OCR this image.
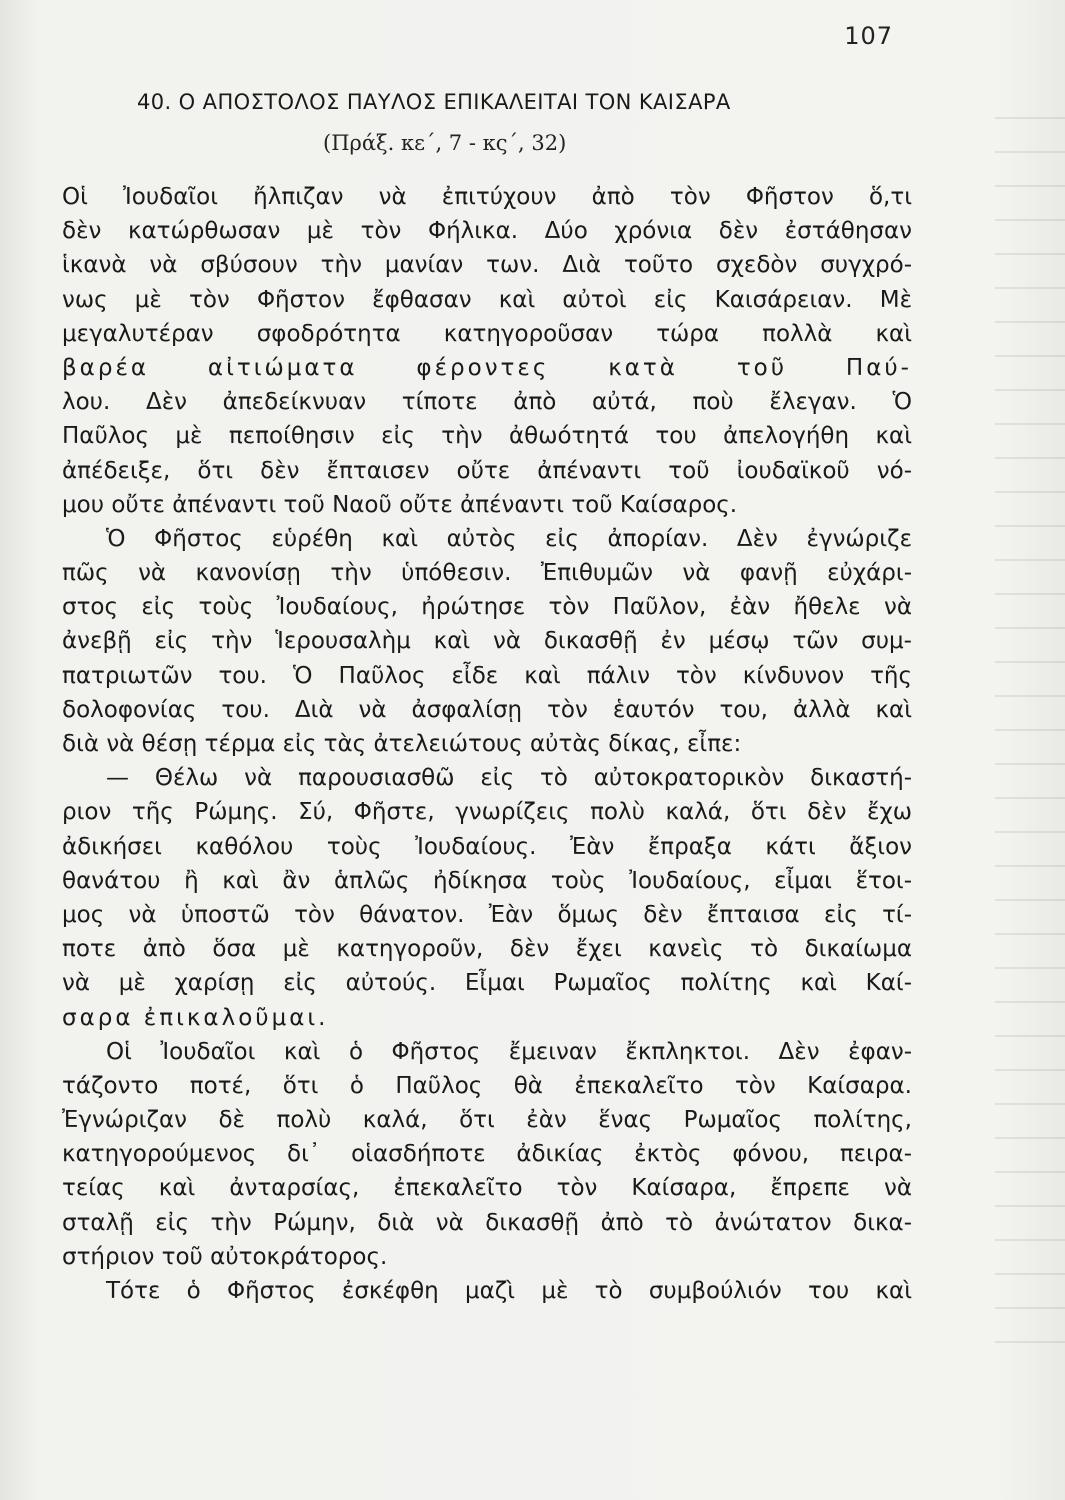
107
40. Ο ΑΠΟΣΤΟΛΟΣ ΠΑΥΛΟΣ ΕΠΙΚΑΛΕΙΤΑΙ ΤΟΝ ΚΑΙΣΑΡΑ
(Πράξ. κε΄, 7 - κς΄, 32)
Οἱ Ἰουδαῖοι ἤλπιζαν νὰ ἐπιτύχουν ἀπὸ τὸν Φῆστον ὅ,τι
δὲν κατώρθωσαν μὲ τὸν Φήλικα. Δύο χρόνια δὲν ἐστάθησαν
ἱκανὰ νὰ σβύσουν τὴν μανίαν των. Διὰ τοῦτο σχεδὸν συγχρό-
νως μὲ τὸν Φῆστον ἔφθασαν καὶ αὐτοὶ εἰς Καισάρειαν. Μὲ
μεγαλυτέραν σφοδρότητα κατηγοροῦσαν τώρα πολλὰ καὶ
βαρέα αἰτιώματα φέροντες κατὰ τοῦ Παύ-
λου. Δὲν ἀπεδείκνυαν τίποτε ἀπὸ αὐτά, ποὺ ἔλεγαν. Ὁ
Παῦλος μὲ πεποίθησιν εἰς τὴν ἀθωότητά του ἀπελογήθη καὶ
ἀπέδειξε, ὅτι δὲν ἔπταισεν οὔτε ἀπέναντι τοῦ ἰουδαϊκοῦ νό-
μου οὔτε ἀπέναντι τοῦ Ναοῦ οὔτε ἀπέναντι τοῦ Καίσαρος.
Ὁ Φῆστος εὑρέθη καὶ αὐτὸς εἰς ἀπορίαν. Δὲν ἐγνώριζε
πῶς νὰ κανονίσῃ τὴν ὑπόθεσιν. Ἐπιθυμῶν νὰ φανῇ εὐχάρι-
στος εἰς τοὺς Ἰουδαίους, ἠρώτησε τὸν Παῦλον, ἐὰν ἤθελε νὰ
ἀνεβῇ εἰς τὴν Ἱερουσαλὴμ καὶ νὰ δικασθῇ ἐν μέσῳ τῶν συμ-
πατριωτῶν του. Ὁ Παῦλος εἶδε καὶ πάλιν τὸν κίνδυνον τῆς
δολοφονίας του. Διὰ νὰ ἀσφαλίσῃ τὸν ἑαυτόν του, ἀλλὰ καὶ
διὰ νὰ θέσῃ τέρμα εἰς τὰς ἀτελειώτους αὐτὰς δίκας, εἶπε:
— Θέλω νὰ παρουσιασθῶ εἰς τὸ αὐτοκρατορικὸν δικαστή-
ριον τῆς Ρώμης. Σύ, Φῆστε, γνωρίζεις πολὺ καλά, ὅτι δὲν ἔχω
ἀδικήσει καθόλου τοὺς Ἰουδαίους. Ἐὰν ἔπραξα κάτι ἄξιον
θανάτου ἢ καὶ ἂν ἁπλῶς ἠδίκησα τοὺς Ἰουδαίους, εἶμαι ἕτοι-
μος νὰ ὑποστῶ τὸν θάνατον. Ἐὰν ὅμως δὲν ἔπταισα εἰς τί-
ποτε ἀπὸ ὅσα μὲ κατηγοροῦν, δὲν ἔχει κανεὶς τὸ δικαίωμα
νὰ μὲ χαρίσῃ εἰς αὐτούς. Εἶμαι Ρωμαῖος πολίτης καὶ Καί-
σαρα ἐπικαλοῦμαι.
Οἱ Ἰουδαῖοι καὶ ὁ Φῆστος ἔμειναν ἔκπληκτοι. Δὲν ἐφαν-
τάζοντο ποτέ, ὅτι ὁ Παῦλος θὰ ἐπεκαλεῖτο τὸν Καίσαρα.
Ἐγνώριζαν δὲ πολὺ καλά, ὅτι ἐὰν ἕνας Ρωμαῖος πολίτης,
κατηγορούμενος δι᾽ οἱασδήποτε ἀδικίας ἐκτὸς φόνου, πειρα-
τείας καὶ ἀνταρσίας, ἐπεκαλεῖτο τὸν Καίσαρα, ἔπρεπε νὰ
σταλῇ εἰς τὴν Ρώμην, διὰ νὰ δικασθῇ ἀπὸ τὸ ἀνώτατον δικα-
στήριον τοῦ αὐτοκράτορος.
Τότε ὁ Φῆστος ἐσκέφθη μαζὶ μὲ τὸ συμβούλιόν του καὶ
